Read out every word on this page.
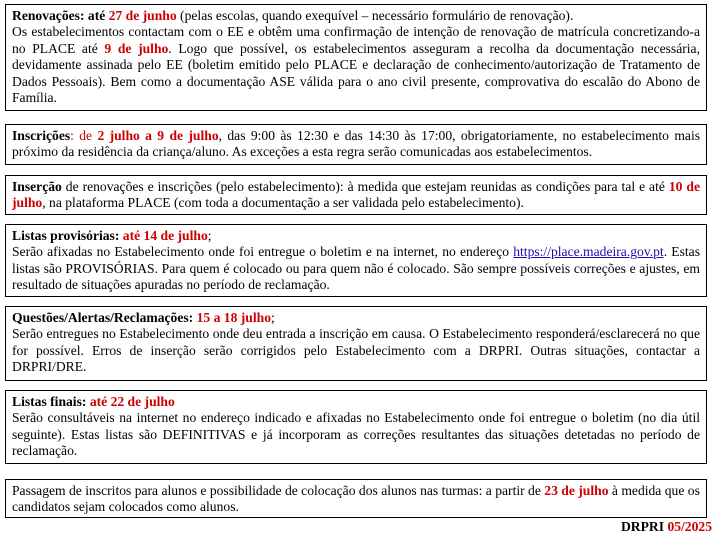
Renovações: até 27 de junho (pelas escolas, quando exequível – necessário formulário de renovação).

Os estabelecimentos contactam com o EE e obtêm uma confirmação de intenção de renovação de matrícula concretizando-a no PLACE até 9 de julho. Logo que possível, os estabelecimentos asseguram a recolha da documentação necessária, devidamente assinada pelo EE (boletim emitido pelo PLACE e declaração de conhecimento/autorização de Tratamento de Dados Pessoais). Bem como a documentação ASE válida para o ano civil presente, comprovativa do escalão do Abono de Família.

Inscrições: de 2 julho a 9 de julho, das 9:00 às 12:30 e das 14:30 às 17:00, obrigatoriamente, no estabelecimento mais próximo da residência da criança/aluno. As exceções a esta regra serão comunicadas aos estabelecimentos.

Inserção de renovações e inscrições (pelo estabelecimento): à medida que estejam reunidas as condições para tal e até 10 de julho, na plataforma PLACE (com toda a documentação a ser validada pelo estabelecimento).

Listas provisórias: até 14 de julho;

Serão afixadas no Estabelecimento onde foi entregue o boletim e na internet, no endereço https://place.madeira.gov.pt. Estas listas são PROVISÓRIAS. Para quem é colocado ou para quem não é colocado. São sempre possíveis correções e ajustes, em resultado de situações apuradas no período de reclamação.

Questões/Alertas/Reclamações: 15 a 18 julho;

Serão entregues no Estabelecimento onde deu entrada a inscrição em causa. O Estabelecimento responderá/esclarecerá no que for possível. Erros de inserção serão corrigidos pelo Estabelecimento com a DRPRI. Outras situações, contactar a DRPRI/DRE.

Listas finais: até 22 de julho

Serão consultáveis na internet no endereço indicado e afixadas no Estabelecimento onde foi entregue o boletim (no dia útil seguinte). Estas listas são DEFINITIVAS e já incorporam as correções resultantes das situações detetadas no período de reclamação.

Passagem de inscritos para alunos e possibilidade de colocação dos alunos nas turmas: a partir de 23 de julho à medida que os candidatos sejam colocados como alunos.

DRPRI 05/2025
